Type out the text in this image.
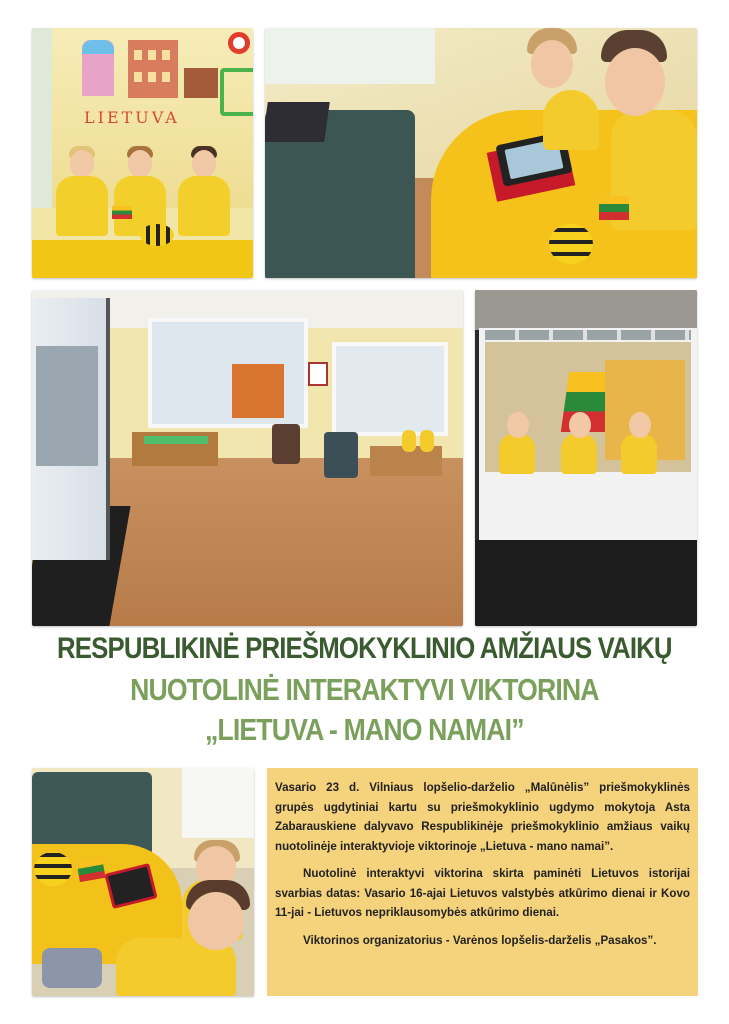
LIETUVA
RESPUBLIKINĖ PRIEŠMOKYKLINIO AMŽIAUS VAIKŲ
NUOTOLINĖ INTERAKTYVI VIKTORINA
„LIETUVA - MANO NAMAI”

Vasario 23 d. Vilniaus lopšelio-darželio „Malūnėlis” priešmokyklinės grupės ugdytiniai kartu su priešmokyklinio ugdymo mokytoja Asta Zabarauskiene dalyvavo Respublikinėje priešmokyklinio amžiaus vaikų nuotolinėje interaktyvioje viktorinoje „Lietuva - mano namai”.

Nuotolinė interaktyvi viktorina skirta paminėti Lietuvos istorijai svarbias datas: Vasario 16-ajai Lietuvos valstybės atkūrimo dienai ir Kovo 11-jai - Lietuvos nepriklausomybės atkūrimo dienai.

Viktorinos organizatorius - Varėnos lopšelis-darželis „Pasakos”.
